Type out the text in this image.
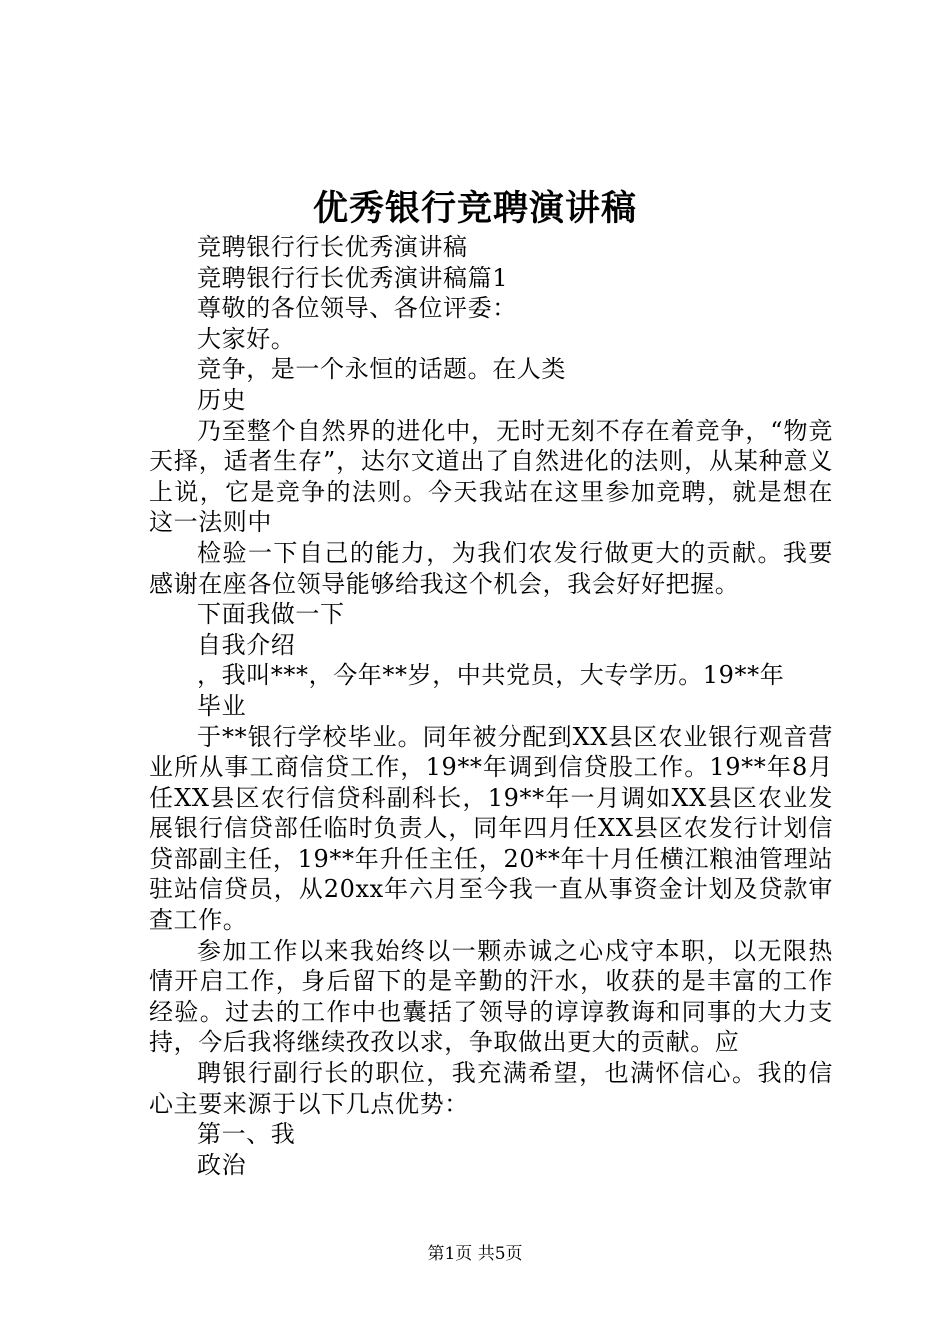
优秀银行竞聘演讲稿

竞聘银行行长优秀演讲稿

竞聘银行行长优秀演讲稿篇1

尊敬的各位领导、各位评委：

大家好。

竞争，是一个永恒的话题。在人类

历史

乃至整个自然界的进化中，无时无刻不存在着竞争，“物竞天择，适者生存”，达尔文道出了自然进化的法则，从某种意义上说，它是竞争的法则。今天我站在这里参加竞聘，就是想在这一法则中

检验一下自己的能力，为我们农发行做更大的贡献。我要感谢在座各位领导能够给我这个机会，我会好好把握。

下面我做一下

自我介绍

，我叫***，今年**岁，中共党员，大专学历。19**年

毕业

于**银行学校毕业。同年被分配到XX县区农业银行观音营业所从事工商信贷工作，19**年调到信贷股工作。19**年8月任XX县区农行信贷科副科长，19**年一月调如XX县区农业发展银行信贷部任临时负责人，同年四月任XX县区农发行计划信贷部副主任，19**年升任主任，20**年十月任横江粮油管理站驻站信贷员，从20xx年六月至今我一直从事资金计划及贷款审查工作。

参加工作以来我始终以一颗赤诚之心戍守本职，以无限热情开启工作，身后留下的是辛勤的汗水，收获的是丰富的工作经验。过去的工作中也囊括了领导的谆谆教诲和同事的大力支持，今后我将继续孜孜以求，争取做出更大的贡献。应

聘银行副行长的职位，我充满希望，也满怀信心。我的信心主要来源于以下几点优势：

第一、我

政治

第1页 共5页
